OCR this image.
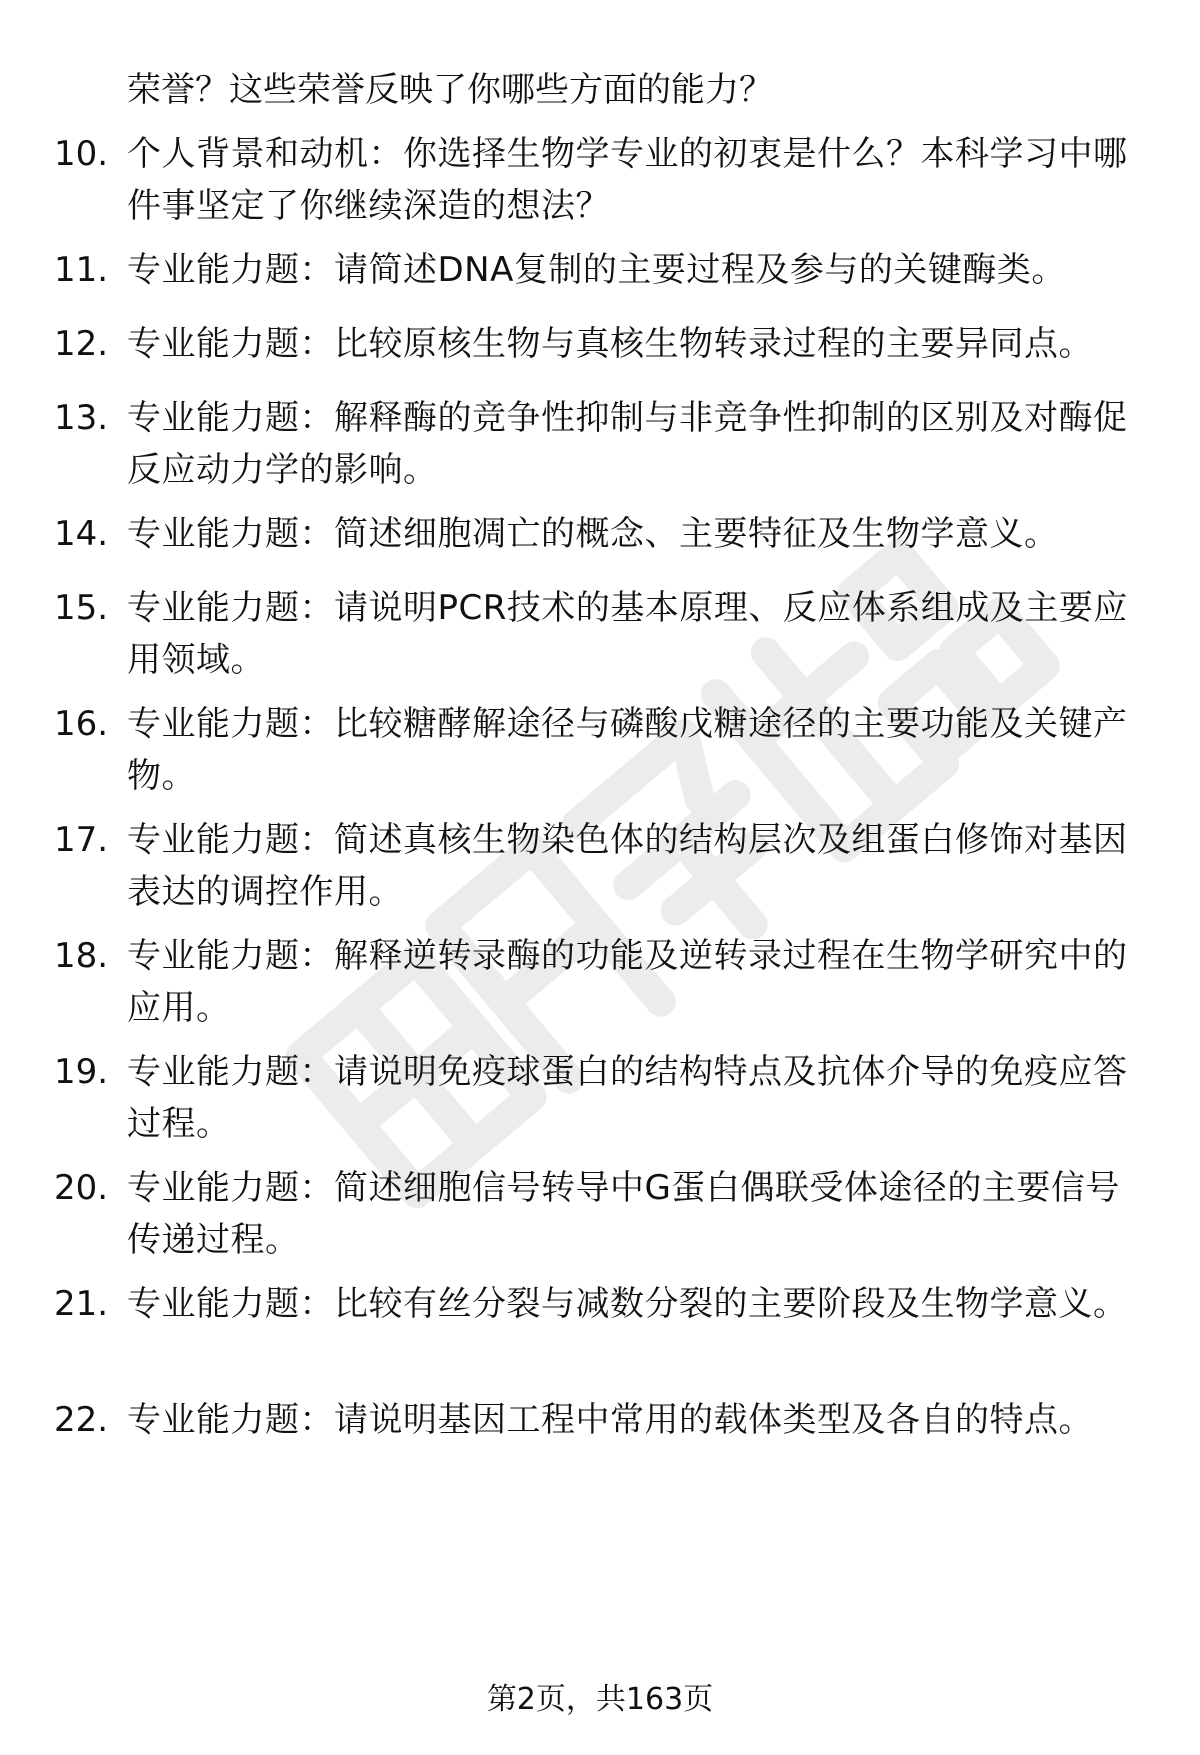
荣誉？这些荣誉反映了你哪些方面的能力？
10. 个人背景和动机：你选择生物学专业的初衷是什么？本科学习中哪件事坚定了你继续深造的想法？
11. 专业能力题：请简述DNA复制的主要过程及参与的关键酶类。
12. 专业能力题：比较原核生物与真核生物转录过程的主要异同点。
13. 专业能力题：解释酶的竞争性抑制与非竞争性抑制的区别及对酶促反应动力学的影响。
14. 专业能力题：简述细胞凋亡的概念、主要特征及生物学意义。
15. 专业能力题：请说明PCR技术的基本原理、反应体系组成及主要应用领域。
16. 专业能力题：比较糖酵解途径与磷酸戊糖途径的主要功能及关键产物。
17. 专业能力题：简述真核生物染色体的结构层次及组蛋白修饰对基因表达的调控作用。
18. 专业能力题：解释逆转录酶的功能及逆转录过程在生物学研究中的应用。
19. 专业能力题：请说明免疫球蛋白的结构特点及抗体介导的免疫应答过程。
20. 专业能力题：简述细胞信号转导中G蛋白偶联受体途径的主要信号传递过程。
21. 专业能力题：比较有丝分裂与减数分裂的主要阶段及生物学意义。
22. 专业能力题：请说明基因工程中常用的载体类型及各自的特点。
第2页，共163页
